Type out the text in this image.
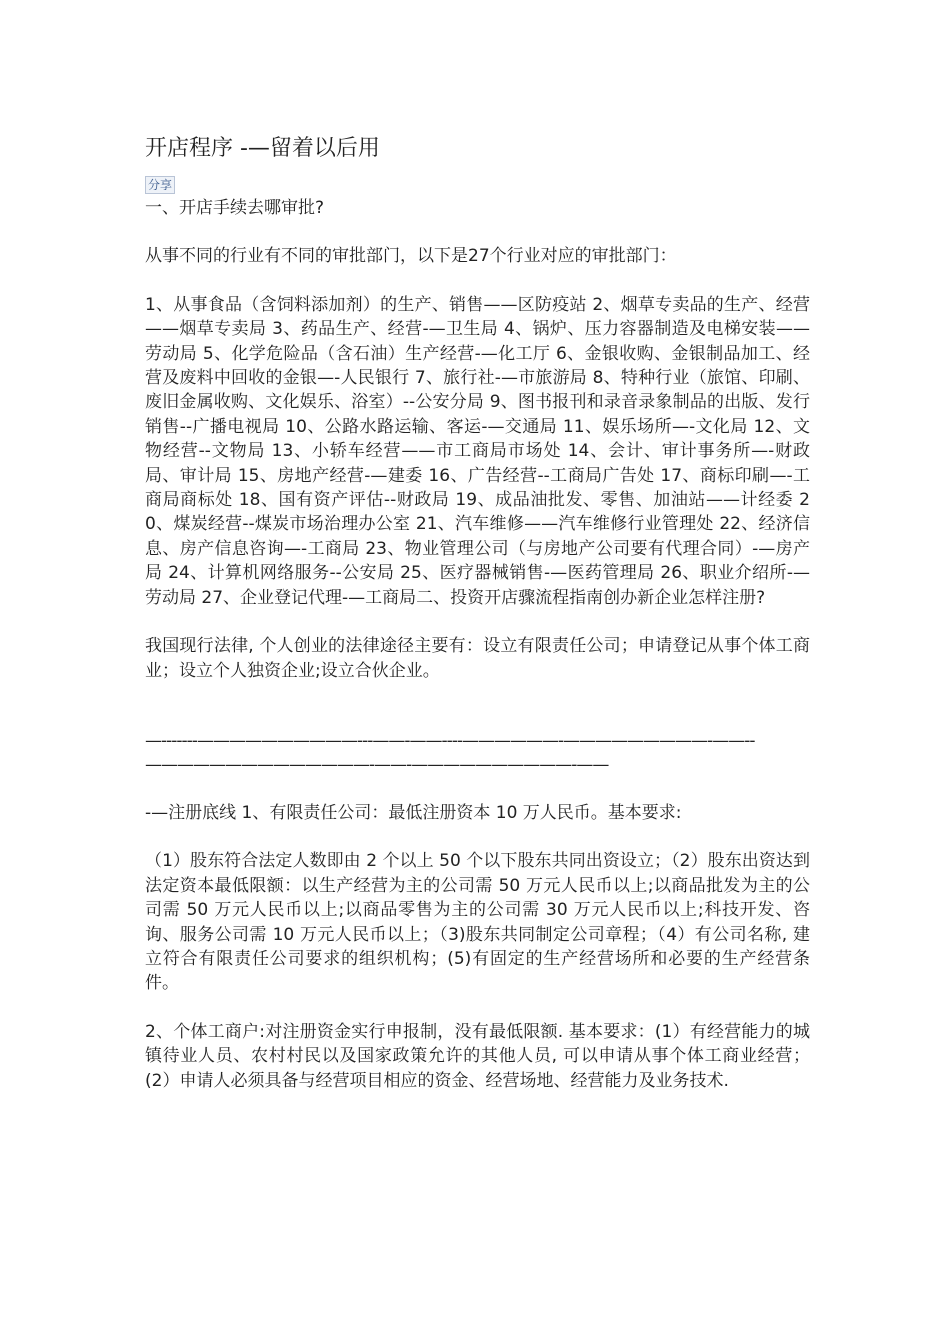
开店程序 -—留着以后用
分享

一、开店手续去哪审批?

从事不同的行业有不同的审批部门，以下是27个行业对应的审批部门：

1、从事食品（含饲料添加剂）的生产、销售——区防疫站 2、烟草专卖品的生产、经营——烟草专卖局 3、药品生产、经营-—卫生局 4、锅炉、压力容器制造及电梯安装——劳动局 5、化学危险品（含石油）生产经营-—化工厅 6、金银收购、金银制品加工、经营及废料中回收的金银—-人民银行 7、旅行社-—市旅游局 8、特种行业（旅馆、印刷、废旧金属收购、文化娱乐、浴室）--公安分局 9、图书报刊和录音录象制品的出版、发行销售--广播电视局 10、公路水路运输、客运-—交通局 11、娱乐场所—-文化局 12、文物经营--文物局 13、小轿车经营——市工商局市场处 14、会计、审计事务所—-财政局、审计局 15、房地产经营-—建委 16、广告经营--工商局广告处 17、商标印刷—-工商局商标处 18、国有资产评估--财政局 19、成品油批发、零售、加油站——计经委 20、煤炭经营--煤炭市场治理办公室 21、汽车维修——汽车维修行业管理处 22、经济信息、房产信息咨询—-工商局 23、物业管理公司（与房地产公司要有代理合同）-—房产局 24、计算机网络服务--公安局 25、医疗器械销售-—医药管理局 26、职业介绍所-—劳动局 27、企业登记代理-—工商局二、投资开店骤流程指南创办新企业怎样注册?

我国现行法律, 个人创业的法律途径主要有：设立有限责任公司；申请登记从事个体工商业；设立个人独资企业;设立合伙企业。

—-------——————————---——-——----——————-—————————-——--——————————————-——-——————————-——

-—注册底线 1、有限责任公司：最低注册资本 10 万人民币。基本要求:

（1）股东符合法定人数即由 2 个以上 50 个以下股东共同出资设立；（2）股东出资达到法定资本最低限额：以生产经营为主的公司需 50 万元人民币以上;以商品批发为主的公司需 50 万元人民币以上;以商品零售为主的公司需 30 万元人民币以上;科技开发、咨询、服务公司需 10 万元人民币以上；（3)股东共同制定公司章程；（4）有公司名称, 建立符合有限责任公司要求的组织机构；(5)有固定的生产经营场所和必要的生产经营条件。

2、个体工商户:对注册资金实行申报制，没有最低限额. 基本要求：(1）有经营能力的城镇待业人员、农村村民以及国家政策允许的其他人员, 可以申请从事个体工商业经营；(2）申请人必须具备与经营项目相应的资金、经营场地、经营能力及业务技术.
